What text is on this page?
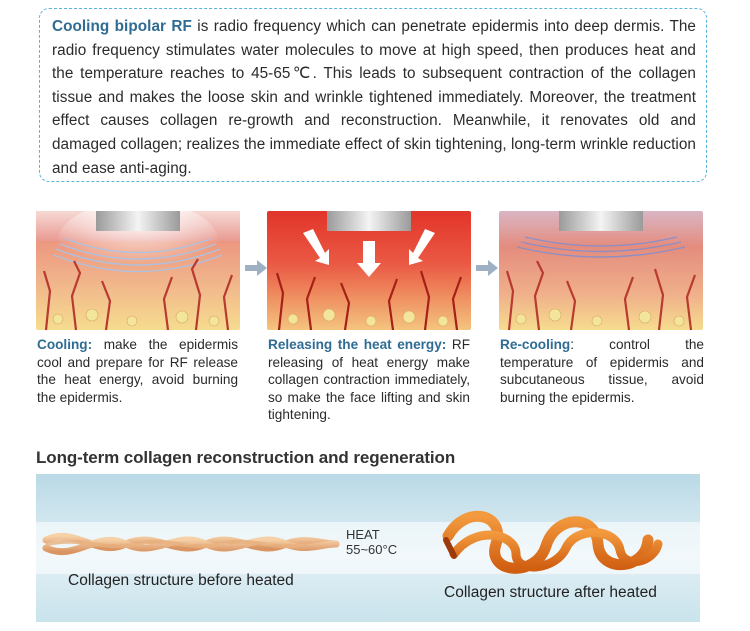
Cooling bipolar RF is radio frequency which can penetrate epidermis into deep dermis. The radio frequency stimulates water molecules to move at high speed, then produces heat and the temperature reaches to 45-65℃. This leads to subsequent contraction of the collagen tissue and makes the loose skin and wrinkle tightened immediately. Moreover, the treatment effect causes collagen re-growth and reconstruction. Meanwhile, it renovates old and damaged collagen; realizes the immediate effect of skin tightening, long-term wrinkle reduction and ease anti-aging.

Cooling: make the epidermis cool and prepare for RF release the heat energy, avoid burning the epidermis.

Releasing the heat energy: RF releasing of heat energy make collagen contraction immediately, so make the face lifting and skin tightening.

Re-cooling: control the temperature of epidermis and subcutaneous tissue, avoid burning the epidermis.

Long-term collagen reconstruction and regeneration
HEAT
55~60°C
Collagen structure before heated
Collagen structure after heated
